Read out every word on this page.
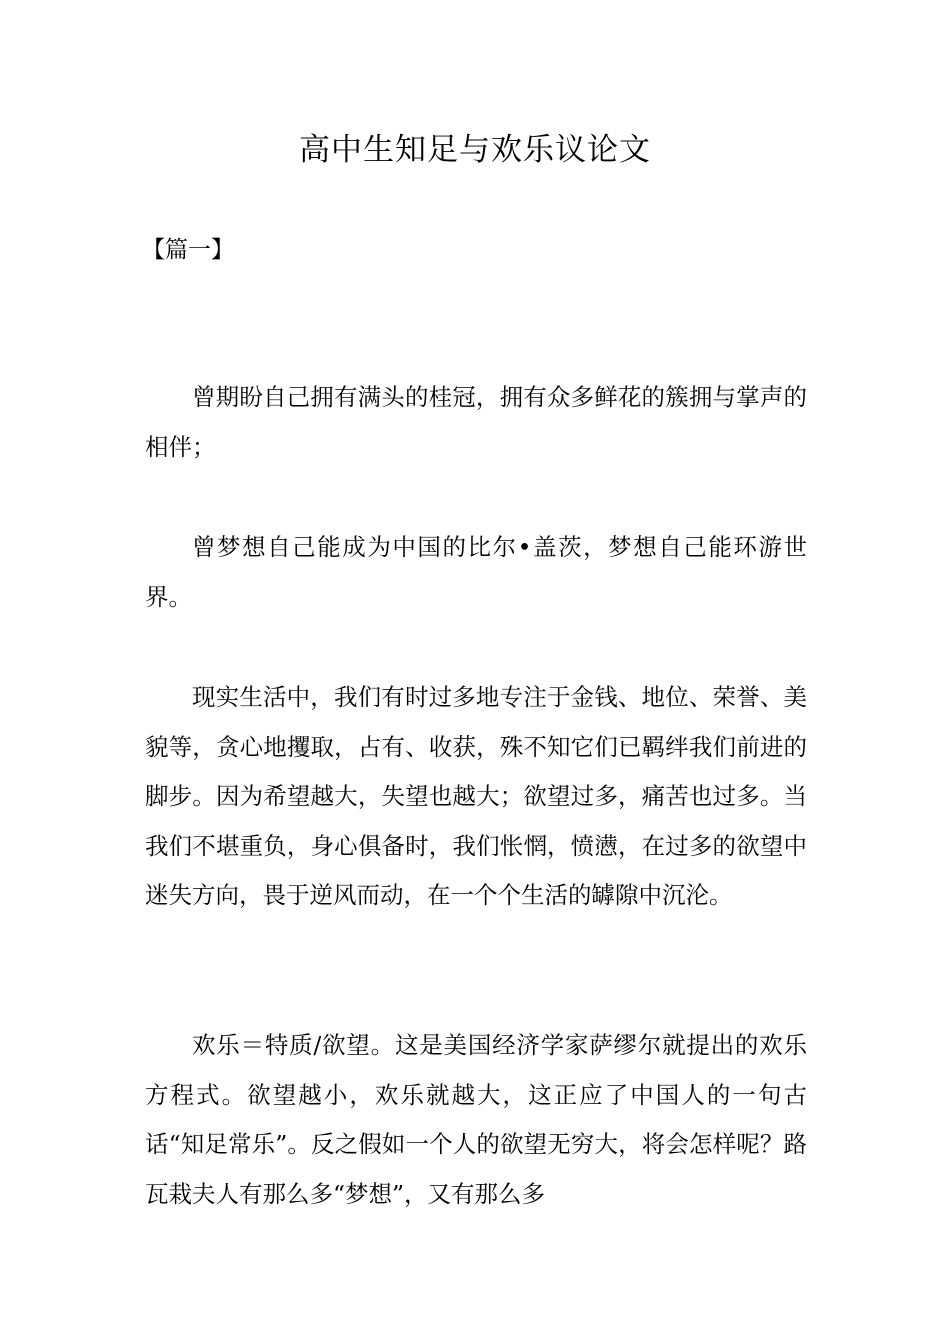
高中生知足与欢乐议论文
【篇一】

曾期盼自己拥有满头的桂冠，拥有众多鲜花的簇拥与掌声的相伴；

曾梦想自己能成为中国的比尔•盖茨，梦想自己能环游世界。

现实生活中，我们有时过多地专注于金钱、地位、荣誉、美貌等，贪心地攫取，占有、收获，殊不知它们已羁绊我们前进的脚步。因为希望越大，失望也越大；欲望过多，痛苦也过多。当我们不堪重负，身心俱备时，我们怅惘，愤懑，在过多的欲望中迷失方向，畏于逆风而动，在一个个生活的罅隙中沉沦。

欢乐＝特质/欲望。这是美国经济学家萨缪尔就提出的欢乐方程式。欲望越小，欢乐就越大，这正应了中国人的一句古话“知足常乐”。反之假如一个人的欲望无穷大，将会怎样呢？路瓦栽夫人有那么多“梦想”，又有那么多
